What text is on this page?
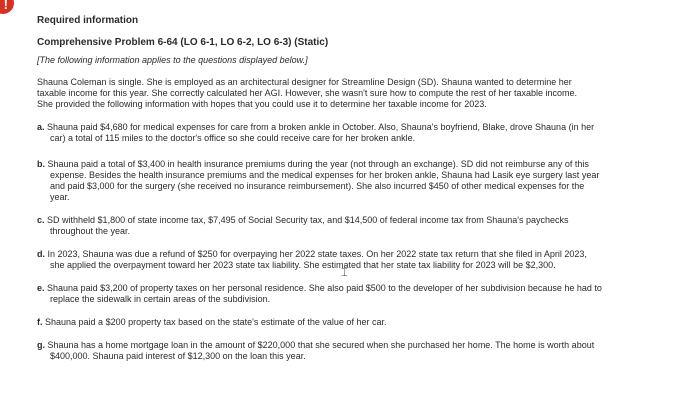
!

Required information

Comprehensive Problem 6-64 (LO 6-1, LO 6-2, LO 6-3) (Static)

[The following information applies to the questions displayed below.]

Shauna Coleman is single. She is employed as an architectural designer for Streamline Design (SD). Shauna wanted to determine her taxable income for this year. She correctly calculated her AGI. However, she wasn't sure how to compute the rest of her taxable income. She provided the following information with hopes that you could use it to determine her taxable income for 2023.

a. Shauna paid $4,680 for medical expenses for care from a broken ankle in October. Also, Shauna's boyfriend, Blake, drove Shauna (in her car) a total of 115 miles to the doctor's office so she could receive care for her broken ankle.
b. Shauna paid a total of $3,400 in health insurance premiums during the year (not through an exchange). SD did not reimburse any of this expense. Besides the health insurance premiums and the medical expenses for her broken ankle, Shauna had Lasik eye surgery last year and paid $3,000 for the surgery (she received no insurance reimbursement). She also incurred $450 of other medical expenses for the year.
c. SD withheld $1,800 of state income tax, $7,495 of Social Security tax, and $14,500 of federal income tax from Shauna's paychecks throughout the year.
d. In 2023, Shauna was due a refund of $250 for overpaying her 2022 state taxes. On her 2022 state tax return that she filed in April 2023, she applied the overpayment toward her 2023 state tax liability. She estimated that her state tax liability for 2023 will be $2,300.
e. Shauna paid $3,200 of property taxes on her personal residence. She also paid $500 to the developer of her subdivision because he had to replace the sidewalk in certain areas of the subdivision.
f. Shauna paid a $200 property tax based on the state's estimate of the value of her car.
g. Shauna has a home mortgage loan in the amount of $220,000 that she secured when she purchased her home. The home is worth about $400,000. Shauna paid interest of $12,300 on the loan this year.
⌶
